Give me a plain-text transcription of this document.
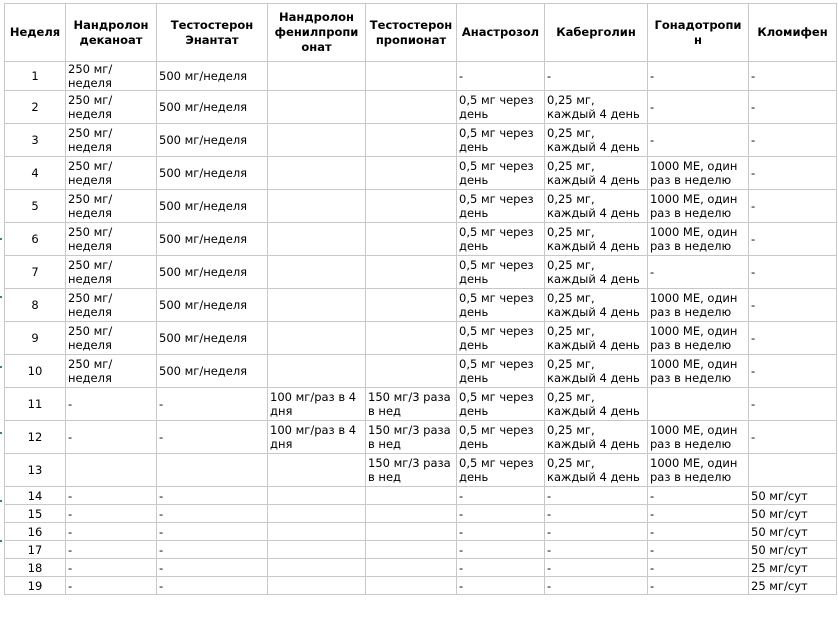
Неделя	Нандролон деканоат	Тестостерон Энантат	Нандролон фенилпропионат	Тестостерон пропионат	Анастрозол	Каберголин	Гонадотропин	Кломифен
1	250 мг/неделя	500 мг/неделя			-	-	-	-
2	250 мг/неделя	500 мг/неделя			0,5 мг через день	0,25 мг, каждый 4 день	-	-
3	250 мг/неделя	500 мг/неделя			0,5 мг через день	0,25 мг, каждый 4 день	-	-
4	250 мг/неделя	500 мг/неделя			0,5 мг через день	0,25 мг, каждый 4 день	1000 МЕ, один раз в неделю	-
5	250 мг/неделя	500 мг/неделя			0,5 мг через день	0,25 мг, каждый 4 день	1000 МЕ, один раз в неделю	-
6	250 мг/неделя	500 мг/неделя			0,5 мг через день	0,25 мг, каждый 4 день	1000 МЕ, один раз в неделю	-
7	250 мг/неделя	500 мг/неделя			0,5 мг через день	0,25 мг, каждый 4 день	-	-
8	250 мг/неделя	500 мг/неделя			0,5 мг через день	0,25 мг, каждый 4 день	1000 МЕ, один раз в неделю	-
9	250 мг/неделя	500 мг/неделя			0,5 мг через день	0,25 мг, каждый 4 день	1000 МЕ, один раз в неделю	-
10	250 мг/неделя	500 мг/неделя			0,5 мг через день	0,25 мг, каждый 4 день	1000 МЕ, один раз в неделю	-
11	-	-	100 мг/раз в 4 дня	150 мг/3 раза в нед	0,5 мг через день	0,25 мг, каждый 4 день		-
12	-	-	100 мг/раз в 4 дня	150 мг/3 раза в нед	0,5 мг через день	0,25 мг, каждый 4 день	1000 МЕ, один раз в неделю	-
13				150 мг/3 раза в нед	0,5 мг через день	0,25 мг, каждый 4 день	1000 МЕ, один раз в неделю	
14	-	-			-	-	-	50 мг/сут
15	-	-			-	-	-	50 мг/сут
16	-	-			-	-	-	50 мг/сут
17	-	-			-	-	-	50 мг/сут
18	-	-			-	-	-	25 мг/сут
19	-	-			-	-	-	25 мг/сут
